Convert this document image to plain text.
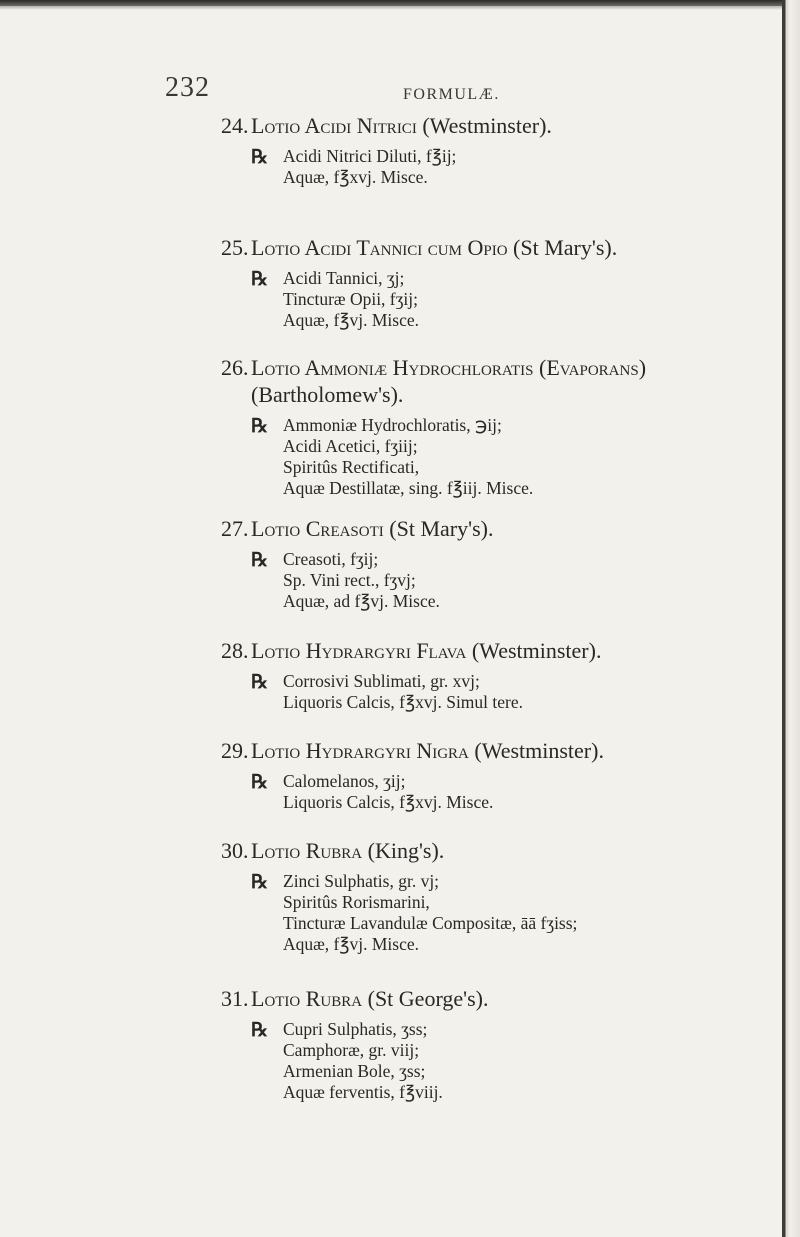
232	FORMULÆ.
24. Lotio Acidi Nitrici (Westminster).
℞ Acidi Nitrici Diluti, f℥ij;
Aquæ, f℥xvj. Misce.
25. Lotio Acidi Tannici cum Opio (St Mary's).
℞ Acidi Tannici, ʒj;
Tincturæ Opii, fʒij;
Aquæ, f℥vj. Misce.
26. Lotio Ammoniæ Hydrochloratis (Evaporans)
(Bartholomew's).
℞ Ammoniæ Hydrochloratis, ℈ij;
Acidi Acetici, fʒiij;
Spiritûs Rectificati,
Aquæ Destillatæ, sing. f℥iij. Misce.
27. Lotio Creasoti (St Mary's).
℞ Creasoti, fʒij;
Sp. Vini rect., fʒvj;
Aquæ, ad f℥vj. Misce.
28. Lotio Hydrargyri Flava (Westminster).
℞ Corrosivi Sublimati, gr. xvj;
Liquoris Calcis, f℥xvj. Simul tere.
29. Lotio Hydrargyri Nigra (Westminster).
℞ Calomelanos, ʒij;
Liquoris Calcis, f℥xvj. Misce.
30. Lotio Rubra (King's).
℞ Zinci Sulphatis, gr. vj;
Spiritûs Rorismarini,
Tincturæ Lavandulæ Compositæ, āā fʒiss;
Aquæ, f℥vj. Misce.
31. Lotio Rubra (St George's).
℞ Cupri Sulphatis, ʒss;
Camphoræ, gr. viij;
Armenian Bole, ʒss;
Aquæ ferventis, f℥viij.
